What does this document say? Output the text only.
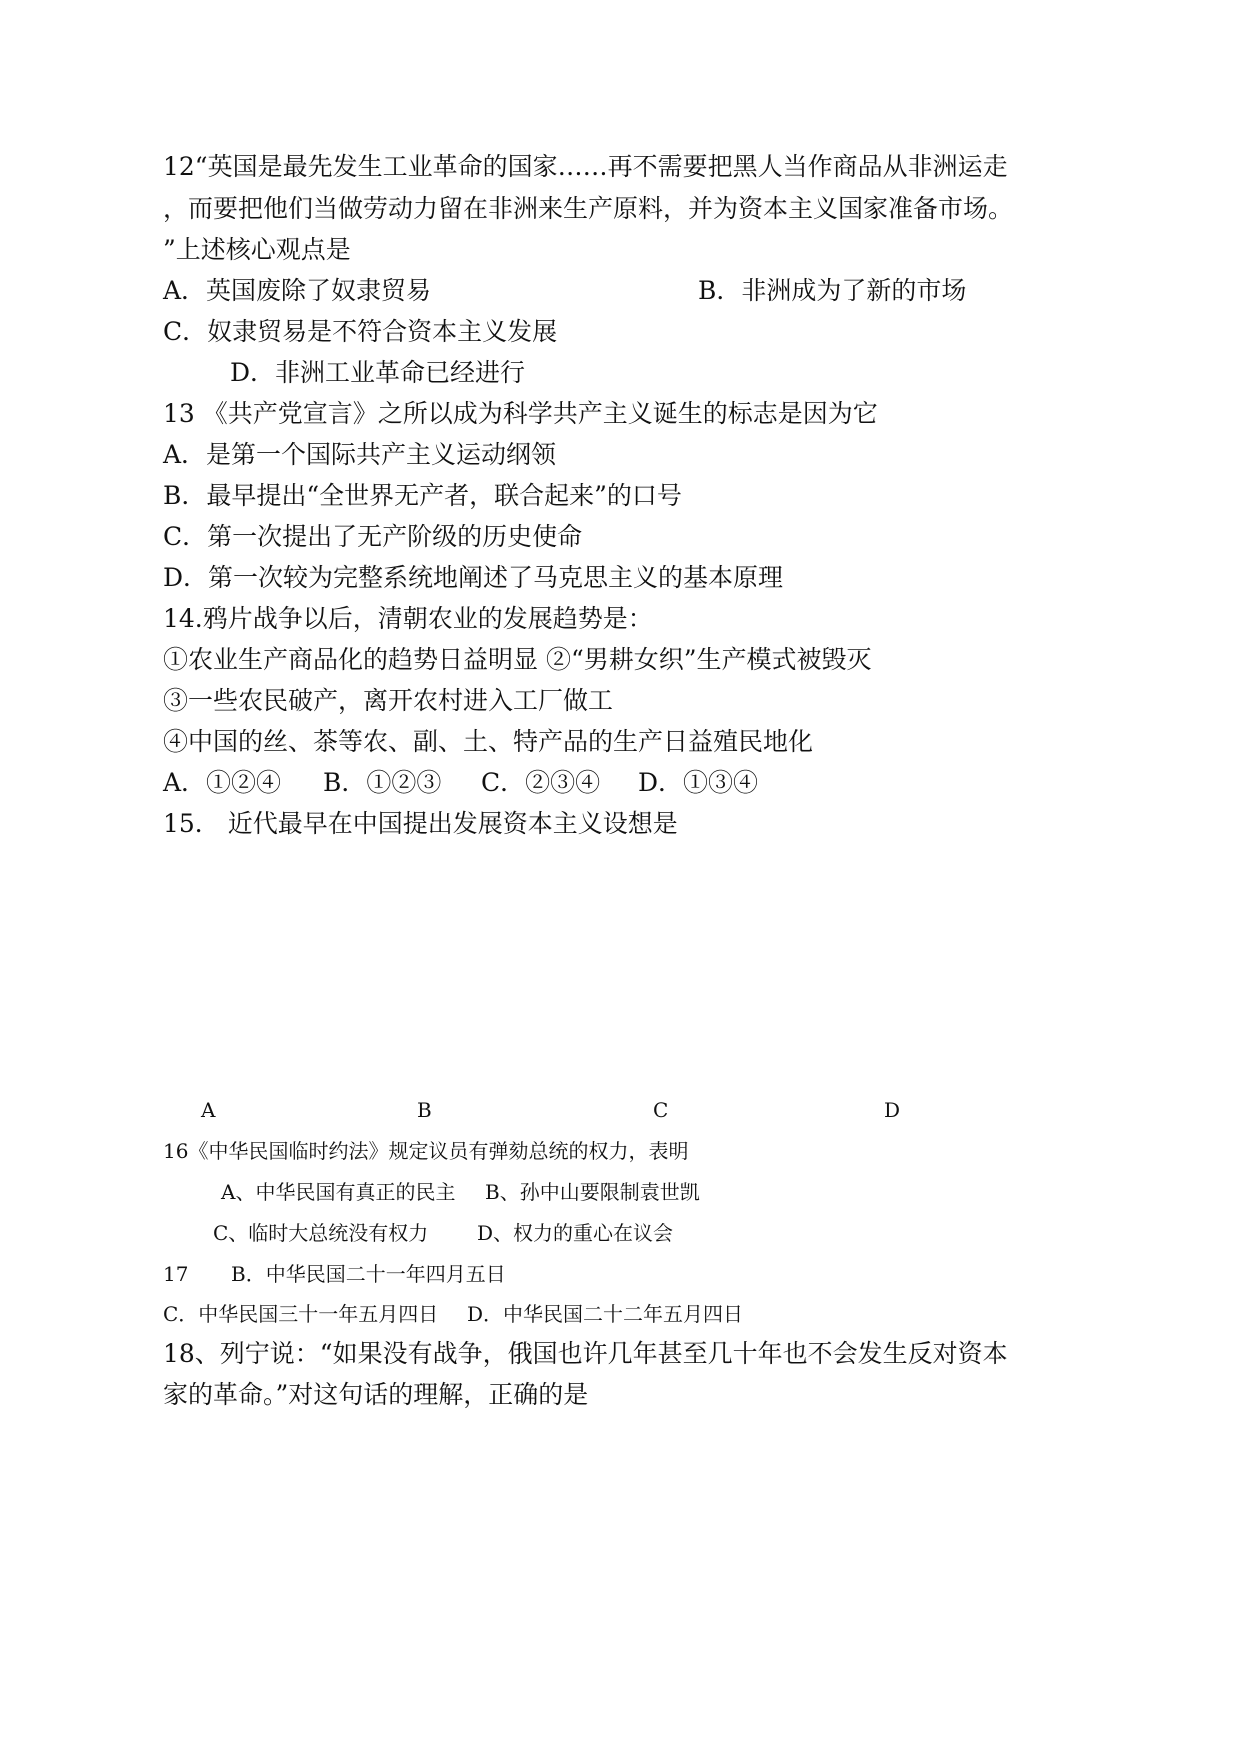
12“英国是最先发生工业革命的国家……再不需要把黑人当作商品从非洲运走
，而要把他们当做劳动力留在非洲来生产原料，并为资本主义国家准备市场。
”上述核心观点是
A．英国废除了奴隶贸易	B．非洲成为了新的市场
C．奴隶贸易是不符合资本主义发展
D．非洲工业革命已经进行
13 《共产党宣言》之所以成为科学共产主义诞生的标志是因为它
A．是第一个国际共产主义运动纲领
B．最早提出“全世界无产者，联合起来”的口号
C．第一次提出了无产阶级的历史使命
D．第一次较为完整系统地阐述了马克思主义的基本原理
14.鸦片战争以后，清朝农业的发展趋势是：
①农业生产商品化的趋势日益明显 ②“男耕女织”生产模式被毁灭
③一些农民破产，离开农村进入工厂做工
④中国的丝、茶等农、副、土、特产品的生产日益殖民地化
A．①②④ B．①②③ C．②③④ D．①③④
15． 近代最早在中国提出发展资本主义设想是
A	B	C	D
16《中华民国临时约法》规定议员有弹劾总统的权力，表明
A、中华民国有真正的民主 B、孙中山要限制袁世凯
C、临时大总统没有权力 D、权力的重心在议会
17 B．中华民国二十一年四月五日
C．中华民国三十一年五月四日 D．中华民国二十二年五月四日
18、列宁说：“如果没有战争，俄国也许几年甚至几十年也不会发生反对资本
家的革命。”对这句话的理解，正确的是
